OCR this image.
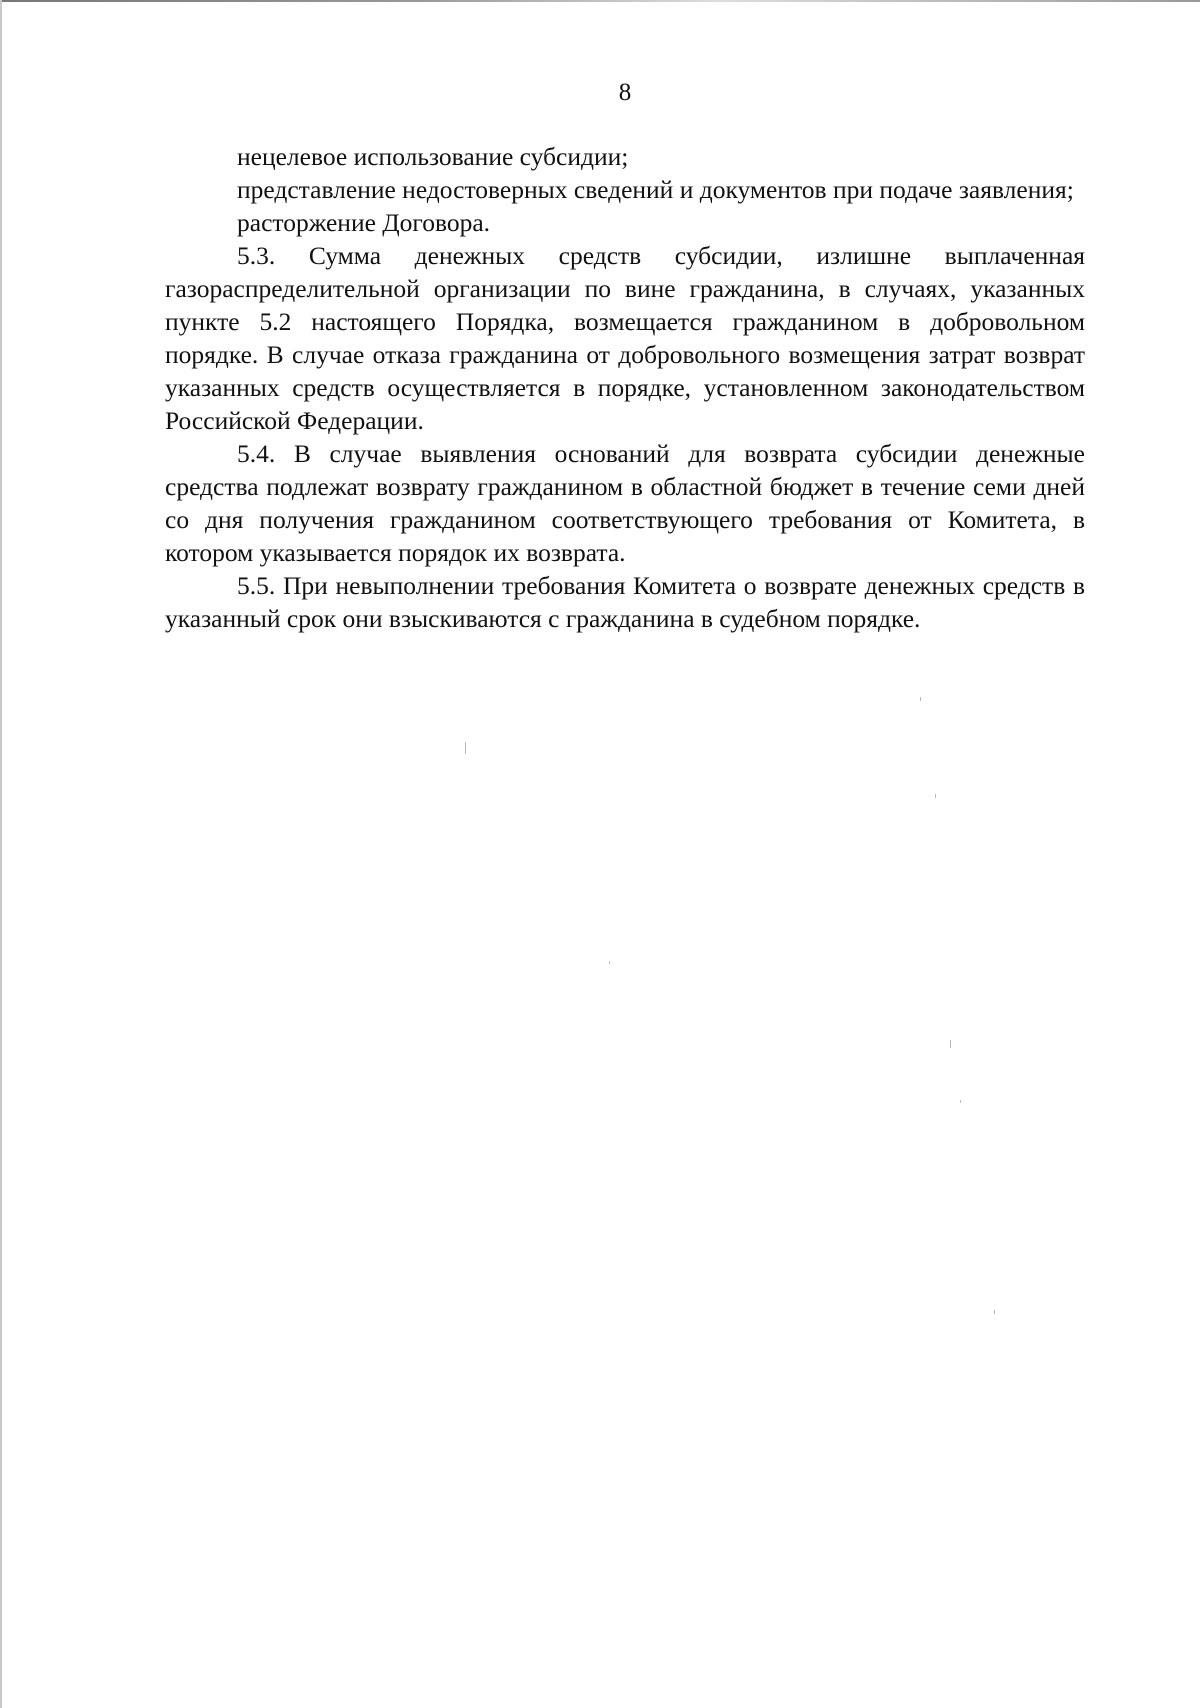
8

нецелевое использование субсидии;

представление недостоверных сведений и документов при подаче заявления;

расторжение Договора.

5.3. Сумма денежных средств субсидии, излишне выплаченная газораспределительной организации по вине гражданина, в случаях, указанных пункте 5.2 настоящего Порядка, возмещается гражданином в добровольном порядке. В случае отказа гражданина от добровольного возмещения затрат возврат указанных средств осуществляется в порядке, установленном законодательством Российской Федерации.

5.4. В случае выявления оснований для возврата субсидии денежные средства подлежат возврату гражданином в областной бюджет в течение семи дней со дня получения гражданином соответствующего требования от Комитета, в котором указывается порядок их возврата.

5.5. При невыполнении требования Комитета о возврате денежных средств в указанный срок они взыскиваются с гражданина в судебном порядке.
